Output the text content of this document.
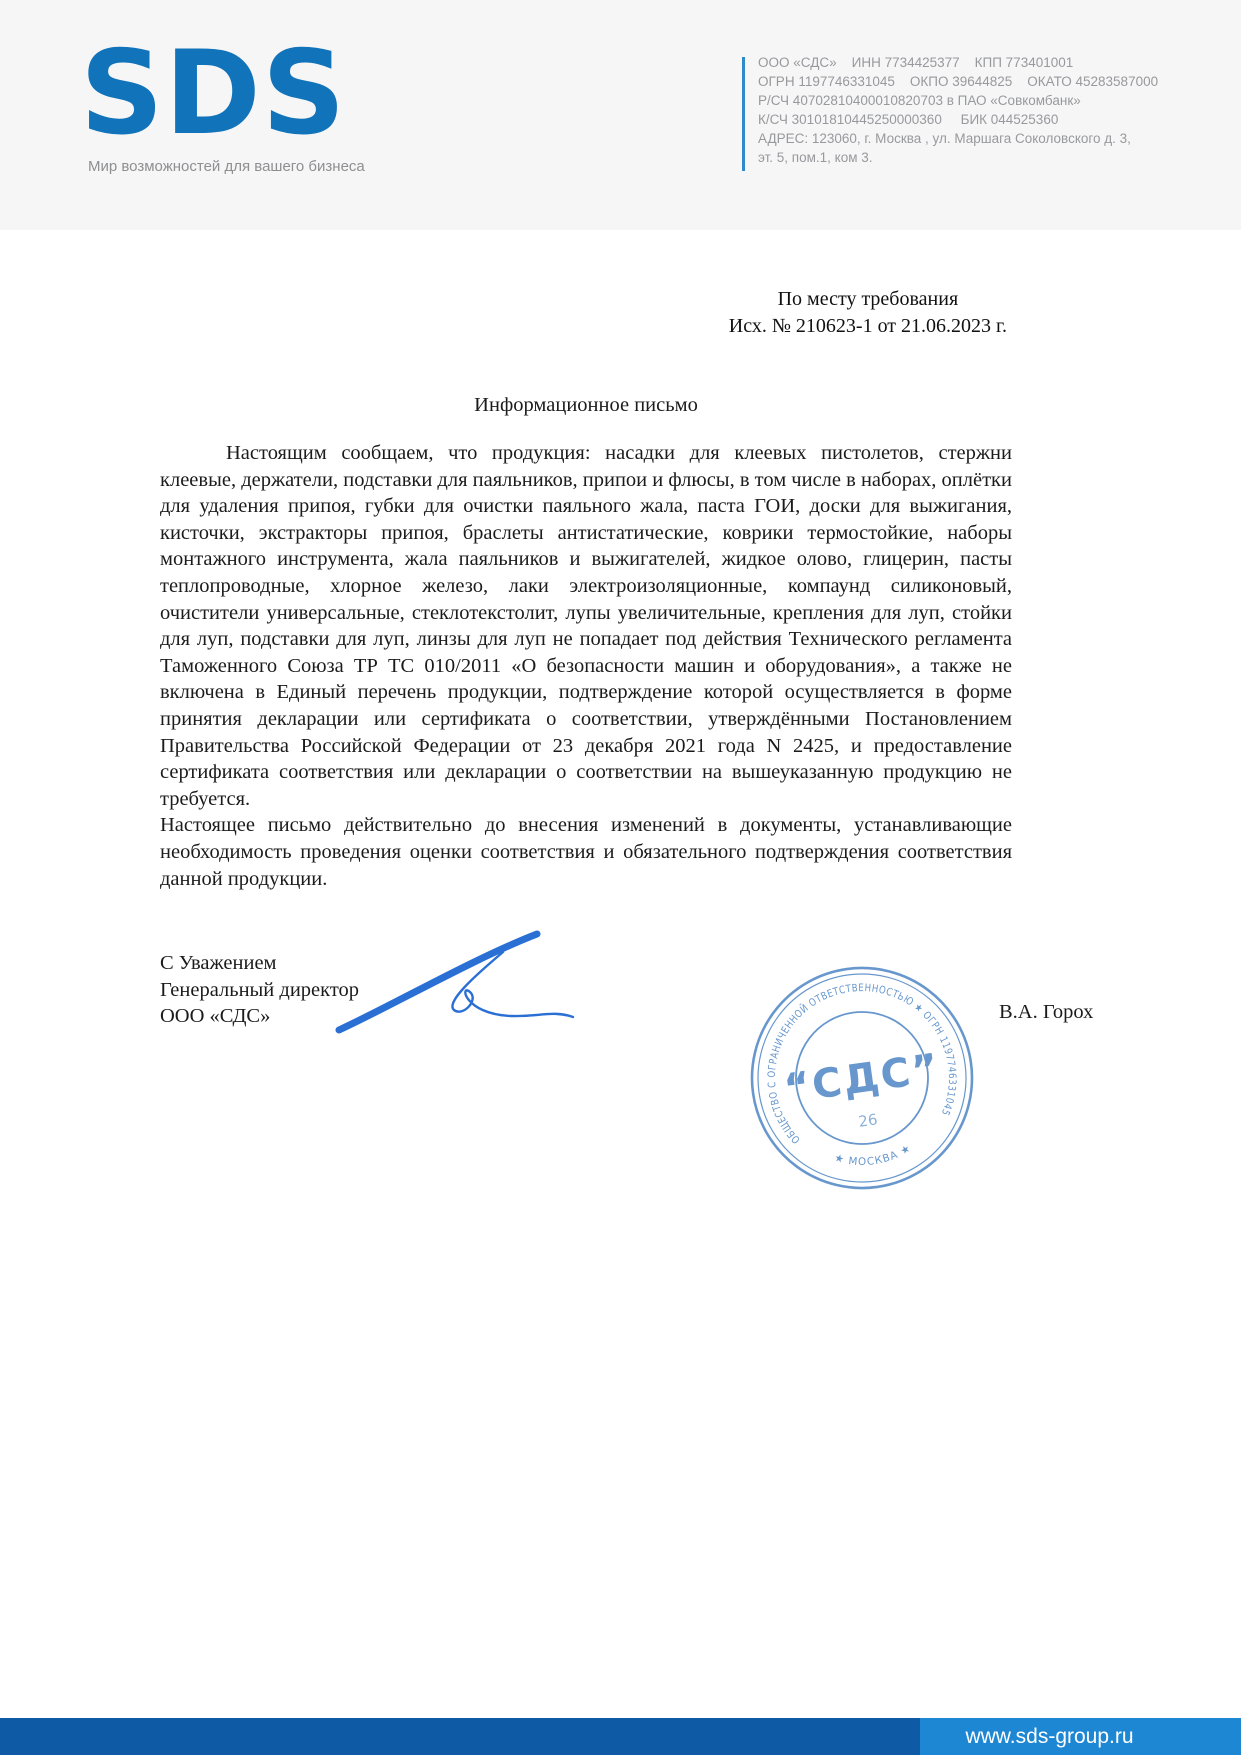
SDS
Мир возможностей для вашего бизнеса
ООО «СДС»    ИНН 7734425377    КПП 773401001
ОГРН 1197746331045    ОКПО 39644825    ОКАТО 45283587000
Р/СЧ 40702810400010820703 в ПАО «Совкомбанк»
К/СЧ 30101810445250000360     БИК 044525360
АДРЕС: 123060, г. Москва , ул. Маршага Соколовского д. 3,
эт. 5, пом.1, ком 3.
По месту требования
Исх. № 210623-1 от 21.06.2023 г.
Информационное письмо

Настоящим сообщаем, что продукция: насадки для клеевых пистолетов, стержни клеевые, держатели, подставки для паяльников, припои и флюсы, в том числе в наборах, оплётки для удаления припоя, губки для очистки паяльного жала, паста ГОИ, доски для выжигания, кисточки, экстракторы припоя, браслеты антистатические, коврики термостойкие, наборы монтажного инструмента, жала паяльников и выжигателей, жидкое олово, глицерин, пасты теплопроводные, хлорное железо, лаки электроизоляционные, компаунд силиконовый, очистители универсальные, стеклотекстолит, лупы увеличительные, крепления для луп, стойки для луп, подставки для луп, линзы для луп не попадает под действия Технического регламента Таможенного Союза ТР ТС 010/2011 «О безопасности машин и оборудования», а также не включена в Единый перечень продукции, подтверждение которой осуществляется в форме принятия декларации или сертификата о соответствии, утверждёнными Постановлением Правительства Российской Федерации от 23 декабря 2021 года N 2425, и предоставление сертификата соответствия или декларации о соответствии на вышеуказанную продукцию не требуется.

Настоящее письмо действительно до внесения изменений в документы, устанавливающие необходимость проведения оценки соответствия и обязательного подтверждения соответствия данной продукции.

С Уважением
Генеральный директор
ООО «СДС»	В.А. Горох
ОБЩЕСТВО С ОГРАНИЧЕННОЙ ОТВЕТСТВЕННОСТЬЮ ★ ОГРН 1197746331045
★ МОСКВА ★
“СДС”
26
www.sds-group.ru
